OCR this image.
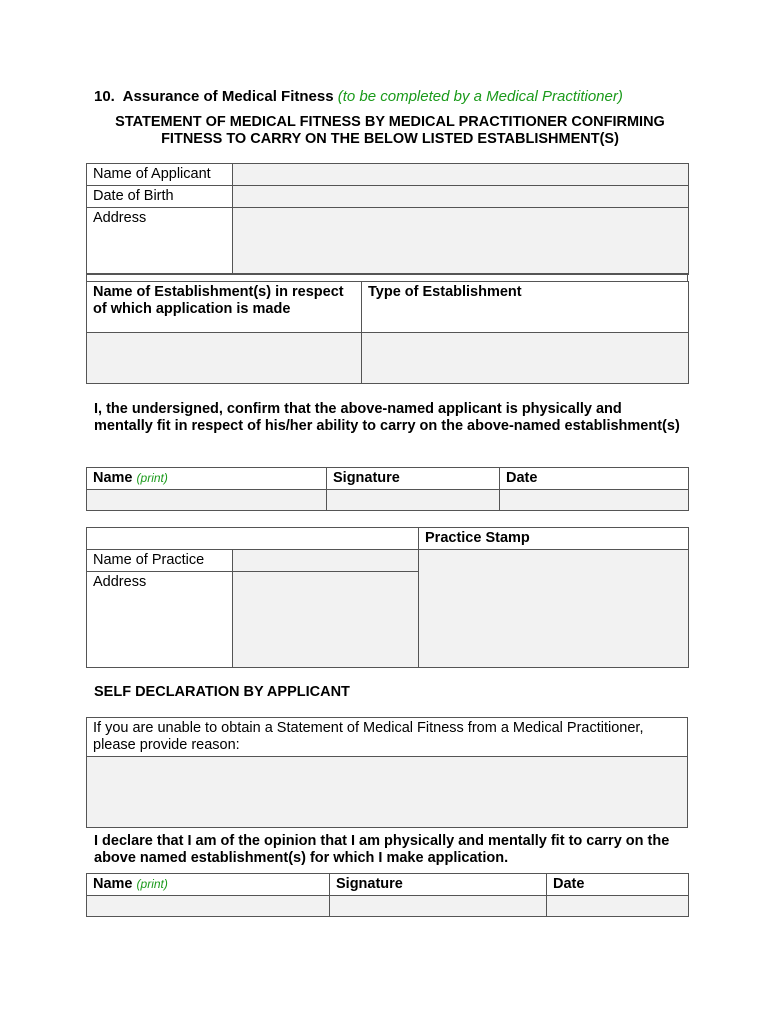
10. Assurance of Medical Fitness (to be completed by a Medical Practitioner)
STATEMENT OF MEDICAL FITNESS BY MEDICAL PRACTITIONER CONFIRMING
FITNESS TO CARRY ON THE BELOW LISTED ESTABLISHMENT(S)
Name of Applicant	
Date of Birth	
Address	
Name of Establishment(s) in respect of which application is made	Type of Establishment

I, the undersigned, confirm that the above-named applicant is physically and mentally fit in respect of his/her ability to carry on the above-named establishment(s)
Name (print)	Signature	Date

		Practice Stamp
Name of Practice		
Address		
SELF DECLARATION BY APPLICANT
If you are unable to obtain a Statement of Medical Fitness from a Medical Practitioner, please provide reason:

I declare that I am of the opinion that I am physically and mentally fit to carry on the above named establishment(s) for which I make application.
Name (print)	Signature	Date
